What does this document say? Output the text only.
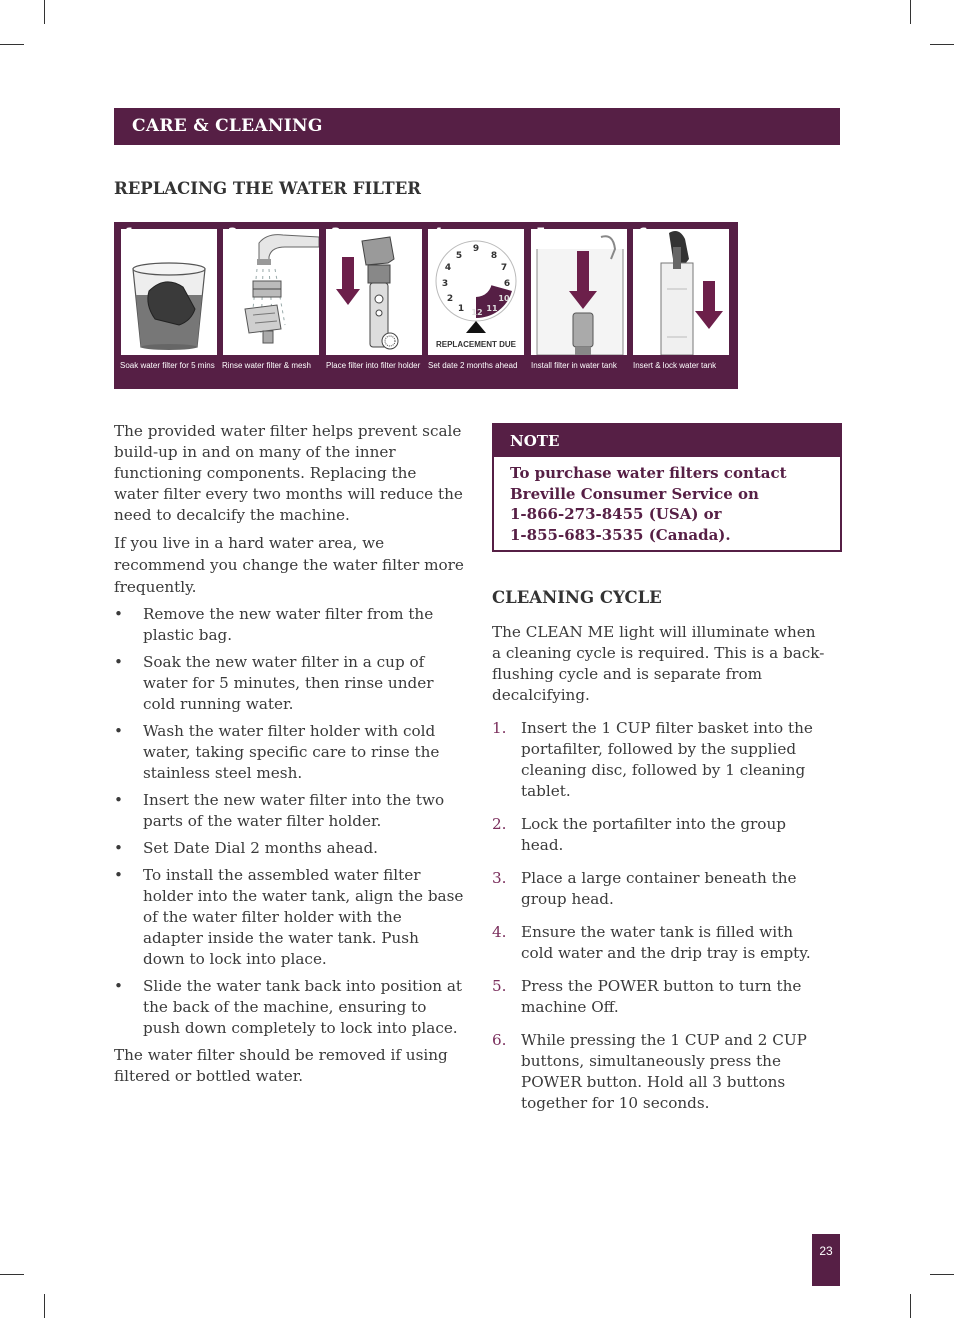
CARE & CLEANING
REPLACING THE WATER FILTER
Soak water filter for 5 mins Rinse water filter & mesh Place filter into filter holder
9
8
7
6
10
11
12
1
2
3
4
5
REPLACEMENT DUE
Set date 2 months ahead Install filter in water tank Insert & lock water tank

The provided water filter helps prevent scale build-up in and on many of the inner functioning components. Replacing the water filter every two months will reduce the need to decalcify the machine.

If you live in a hard water area, we recommend you change the water filter more frequently.

• Remove the new water filter from the plastic bag.
• Soak the new water filter in a cup of water for 5 minutes, then rinse under cold running water.
• Wash the water filter holder with cold water, taking specific care to rinse the stainless steel mesh.
• Insert the new water filter into the two parts of the water filter holder.
• Set Date Dial 2 months ahead.
• To install the assembled water filter holder into the water tank, align the base of the water filter holder with the adapter inside the water tank. Push down to lock into place.
• Slide the water tank back into position at the back of the machine, ensuring to push down completely to lock into place.

The water filter should be removed if using filtered or bottled water.

NOTE
To purchase water filters contact
Breville Consumer Service on
1-866-273-8455 (USA) or
1-855-683-3535 (Canada).
CLEANING CYCLE

The CLEAN ME light will illuminate when a cleaning cycle is required. This is a back-flushing cycle and is separate from decalcifying.

1. Insert the 1 CUP filter basket into the portafilter, followed by the supplied cleaning disc, followed by 1 cleaning tablet.
2. Lock the portafilter into the group head.
3. Place a large container beneath the group head.
4. Ensure the water tank is filled with cold water and the drip tray is empty.
5. Press the POWER button to turn the machine Off.
6. While pressing the 1 CUP and 2 CUP buttons, simultaneously press the POWER button. Hold all 3 buttons together for 10 seconds.
23
